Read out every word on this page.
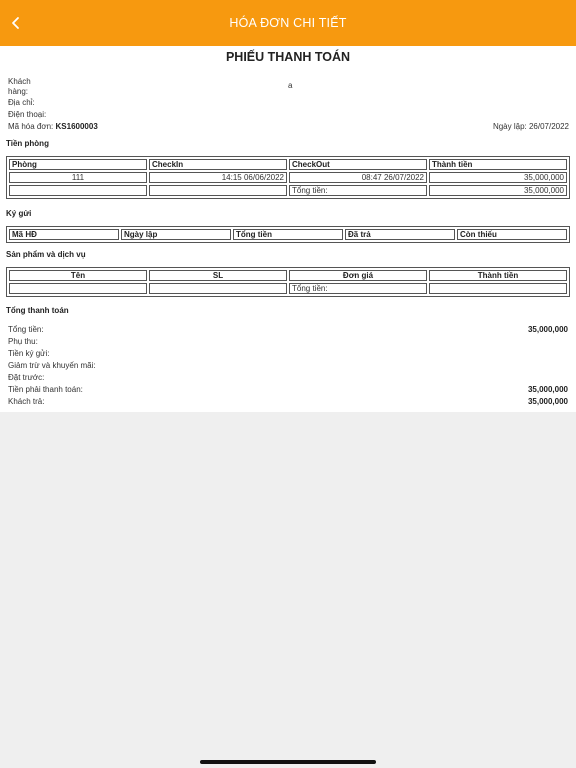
HÓA ĐƠN CHI TIẾT
PHIẾU THANH TOÁN
Khách hàng:
a
Địa chỉ:
Điện thoại:
Mã hóa đơn: KS1600003	Ngày lập: 26/07/2022
Tiền phòng
Phòng	CheckIn	CheckOut	Thành tiền
111	14:15 06/06/2022	08:47 26/07/2022	35,000,000
		Tổng tiền:	35,000,000
Ký gửi
Mã HĐ	Ngày lập	Tổng tiền	Đã trả	Còn thiếu
Sản phẩm và dịch vụ
Tên	SL	Đơn giá	Thành tiền
		Tổng tiền:	
Tổng thanh toán
Tổng tiền:	35,000,000
Phụ thu:
Tiền ký gửi:
Giảm trừ và khuyến mãi:
Đặt trước:
Tiền phải thanh toán:	35,000,000
Khách trả:	35,000,000
